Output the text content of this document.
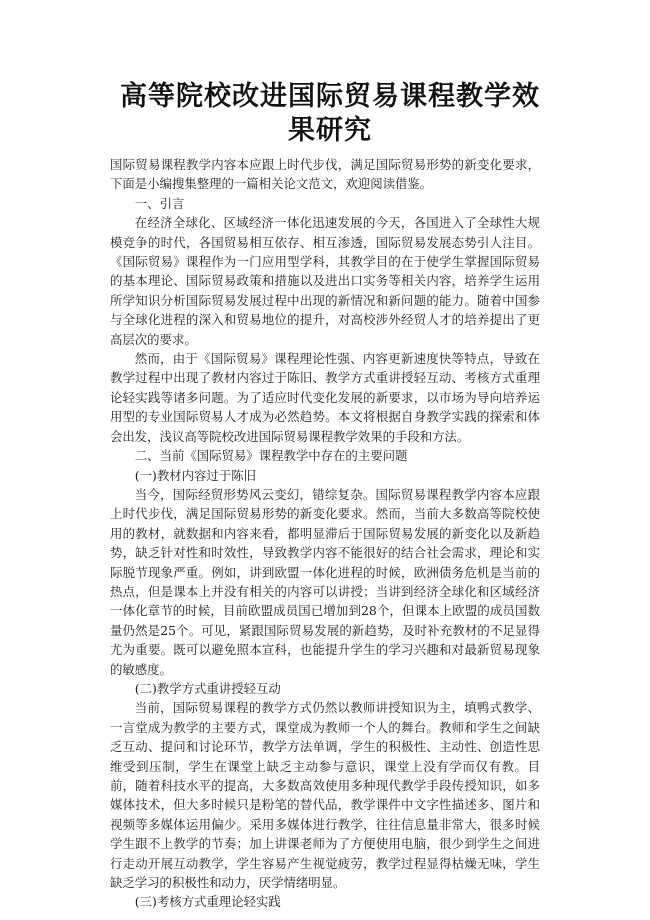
高等院校改进国际贸易课程教学效果研究

国际贸易课程教学内容本应跟上时代步伐，满足国际贸易形势的新变化要求，下面是小编搜集整理的一篇相关论文范文，欢迎阅读借鉴。

一、引言

在经济全球化、区域经济一体化迅速发展的今天，各国进入了全球性大规模竞争的时代，各国贸易相互依存、相互渗透，国际贸易发展态势引人注目。《国际贸易》课程作为一门应用型学科，其教学目的在于使学生掌握国际贸易的基本理论、国际贸易政策和措施以及进出口实务等相关内容，培养学生运用所学知识分析国际贸易发展过程中出现的新情况和新问题的能力。随着中国参与全球化进程的深入和贸易地位的提升，对高校涉外经贸人才的培养提出了更高层次的要求。

然而，由于《国际贸易》课程理论性强、内容更新速度快等特点，导致在教学过程中出现了教材内容过于陈旧、教学方式重讲授轻互动、考核方式重理论轻实践等诸多问题。为了适应时代变化发展的新要求，以市场为导向培养运用型的专业国际贸易人才成为必然趋势。本文将根据自身教学实践的探索和体会出发，浅议高等院校改进国际贸易课程教学效果的手段和方法。

二、当前《国际贸易》课程教学中存在的主要问题

(一)教材内容过于陈旧

当今，国际经贸形势风云变幻，错综复杂。国际贸易课程教学内容本应跟上时代步伐，满足国际贸易形势的新变化要求。然而，当前大多数高等院校使用的教材，就数据和内容来看，都明显滞后于国际贸易发展的新变化以及新趋势，缺乏针对性和时效性，导致教学内容不能很好的结合社会需求，理论和实际脱节现象严重。例如，讲到欧盟一体化进程的时候，欧洲债务危机是当前的热点，但是课本上并没有相关的内容可以讲授；当讲到经济全球化和区域经济一体化章节的时候，目前欧盟成员国已增加到28个，但课本上欧盟的成员国数量仍然是25个。可见，紧跟国际贸易发展的新趋势，及时补充教材的不足显得尤为重要。既可以避免照本宣科，也能提升学生的学习兴趣和对最新贸易现象的敏感度。

(二)教学方式重讲授轻互动

当前，国际贸易课程的教学方式仍然以教师讲授知识为主，填鸭式教学、一言堂成为教学的主要方式，课堂成为教师一个人的舞台。教师和学生之间缺乏互动、提问和讨论环节，教学方法单调，学生的积极性、主动性、创造性思维受到压制，学生在课堂上缺乏主动参与意识，课堂上没有学而仅有教。目前，随着科技水平的提高，大多数高效使用多种现代教学手段传授知识，如多媒体技术，但大多时候只是粉笔的替代品，教学课件中文字性描述多、图片和视频等多媒体运用偏少。采用多媒体进行教学，往往信息量非常大，很多时候学生跟不上教学的节奏；加上讲课老师为了方便使用电脑，很少到学生之间进行走动开展互动教学，学生容易产生视觉疲劳，教学过程显得枯燥无味，学生缺乏学习的积极性和动力，厌学情绪明显。

(三)考核方式重理论轻实践
